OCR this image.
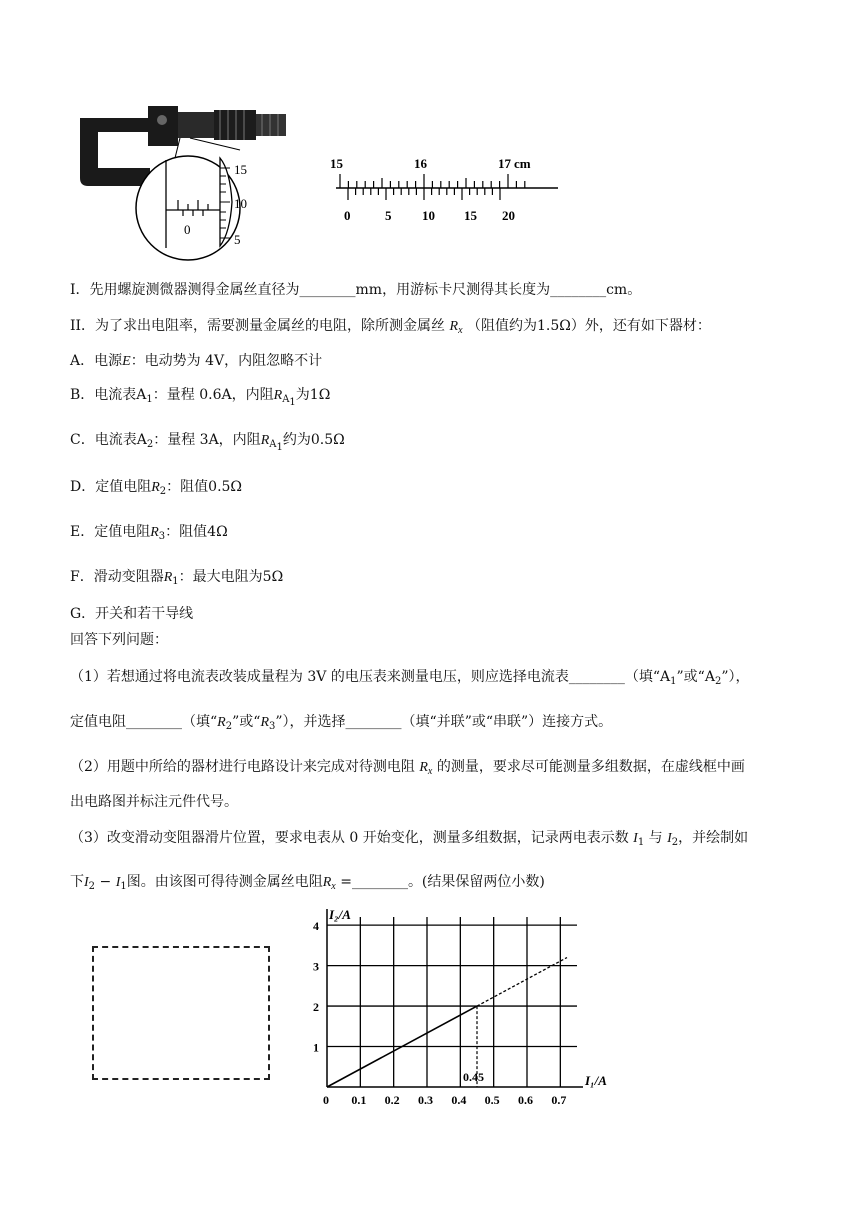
15
10
5
0
15	16	17 cm
0	5 10 15 20
I．先用螺旋测微器测得金属丝直径为________mm，用游标卡尺测得其长度为________cm。
II．为了求出电阻率，需要测量金属丝的电阻，除所测金属丝 $R_x$ （阻值约为1.5Ω）外，还有如下器材：
A．电源E：电动势为 4V，内阻忽略不计
B．电流表$A_1$：量程 0.6A，内阻$R_{A_1}$为1Ω
C．电流表$A_2$：量程 3A，内阻$R_{A_1}$约为0.5Ω
D．定值电阻$R_2$：阻值0.5Ω
E．定值电阻$R_3$：阻值4Ω
F．滑动变阻器$R_1$：最大电阻为5Ω
G．开关和若干导线
回答下列问题：
（1）若想通过将电流表改装成量程为 3V 的电压表来测量电压，则应选择电流表________（填“$A_1$”或“$A_2$”），
定值电阻________（填“$R_2$”或“$R_3$”），并选择________（填“并联”或“串联”）连接方式。
（2）用题中所给的器材进行电路设计来完成对待测电阻 $R_x$ 的测量，要求尽可能测量多组数据，在虚线框中画
出电路图并标注元件代号。
（3）改变滑动变阻器滑片位置，要求电表从 0 开始变化，测量多组数据，记录两电表示数 $I_1$ 与 $I_2$，并绘制如
下$I_2 - I_1$图。由该图可得待测金属丝电阻$R_x$ =________。(结果保留两位小数)
0 0.1 0.2 0.3 0.4 0.5 0.6 0.7
1
2
3
4
0.45	I₁/A
I₂/A
